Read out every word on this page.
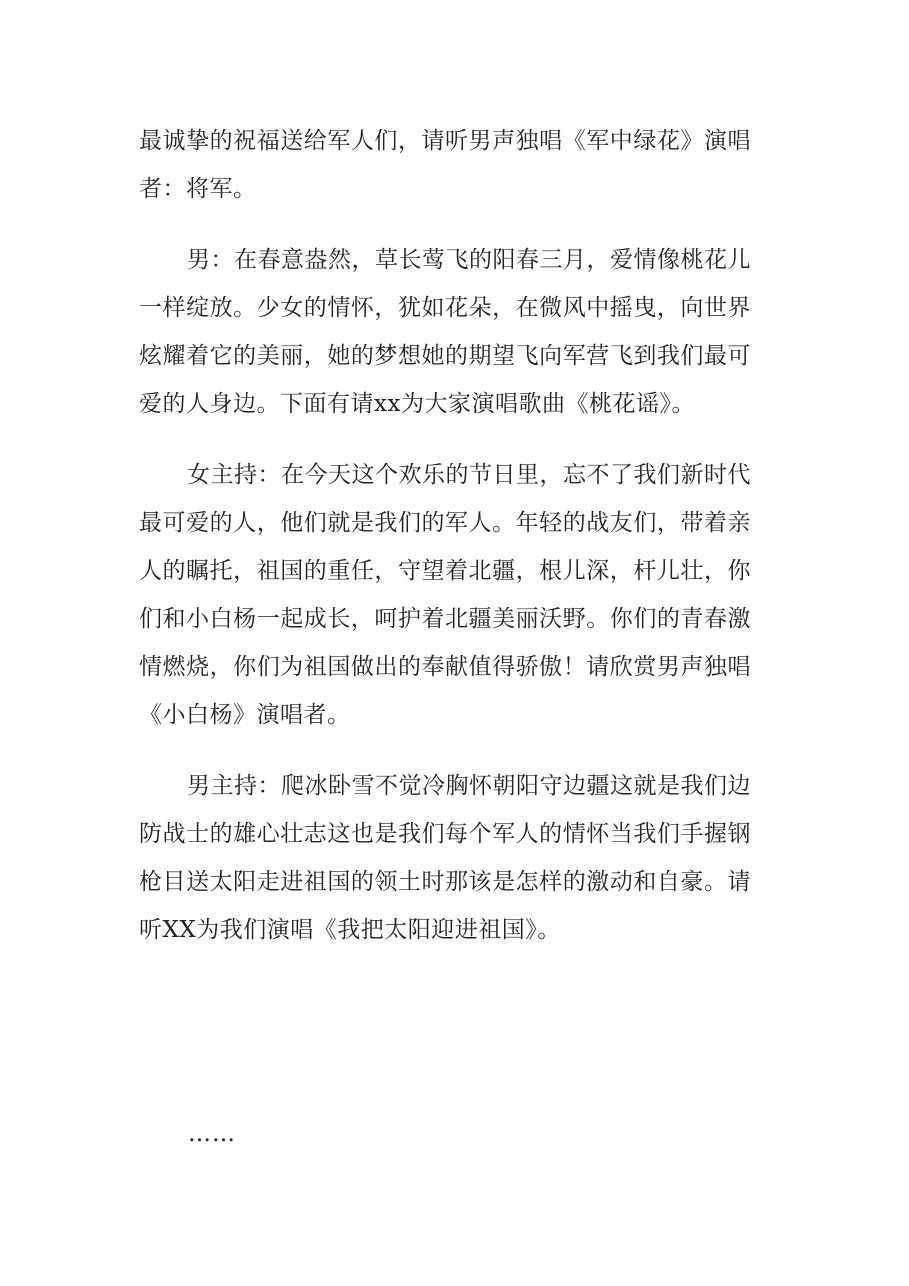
最诚挚的祝福送给军人们，请听男声独唱《军中绿花》演唱者：将军。

男：在春意盎然，草长莺飞的阳春三月，爱情像桃花儿一样绽放。少女的情怀，犹如花朵，在微风中摇曳，向世界炫耀着它的美丽，她的梦想她的期望飞向军营飞到我们最可爱的人身边。下面有请xx为大家演唱歌曲《桃花谣》。

女主持：在今天这个欢乐的节日里，忘不了我们新时代最可爱的人，他们就是我们的军人。年轻的战友们，带着亲人的瞩托，祖国的重任，守望着北疆，根儿深，杆儿壮，你们和小白杨一起成长，呵护着北疆美丽沃野。你们的青春激情燃烧，你们为祖国做出的奉献值得骄傲！请欣赏男声独唱《小白杨》演唱者。

男主持：爬冰卧雪不觉冷胸怀朝阳守边疆这就是我们边防战士的雄心壮志这也是我们每个军人的情怀当我们手握钢枪目送太阳走进祖国的领土时那该是怎样的激动和自豪。请听XX为我们演唱《我把太阳迎进祖国》。

……
